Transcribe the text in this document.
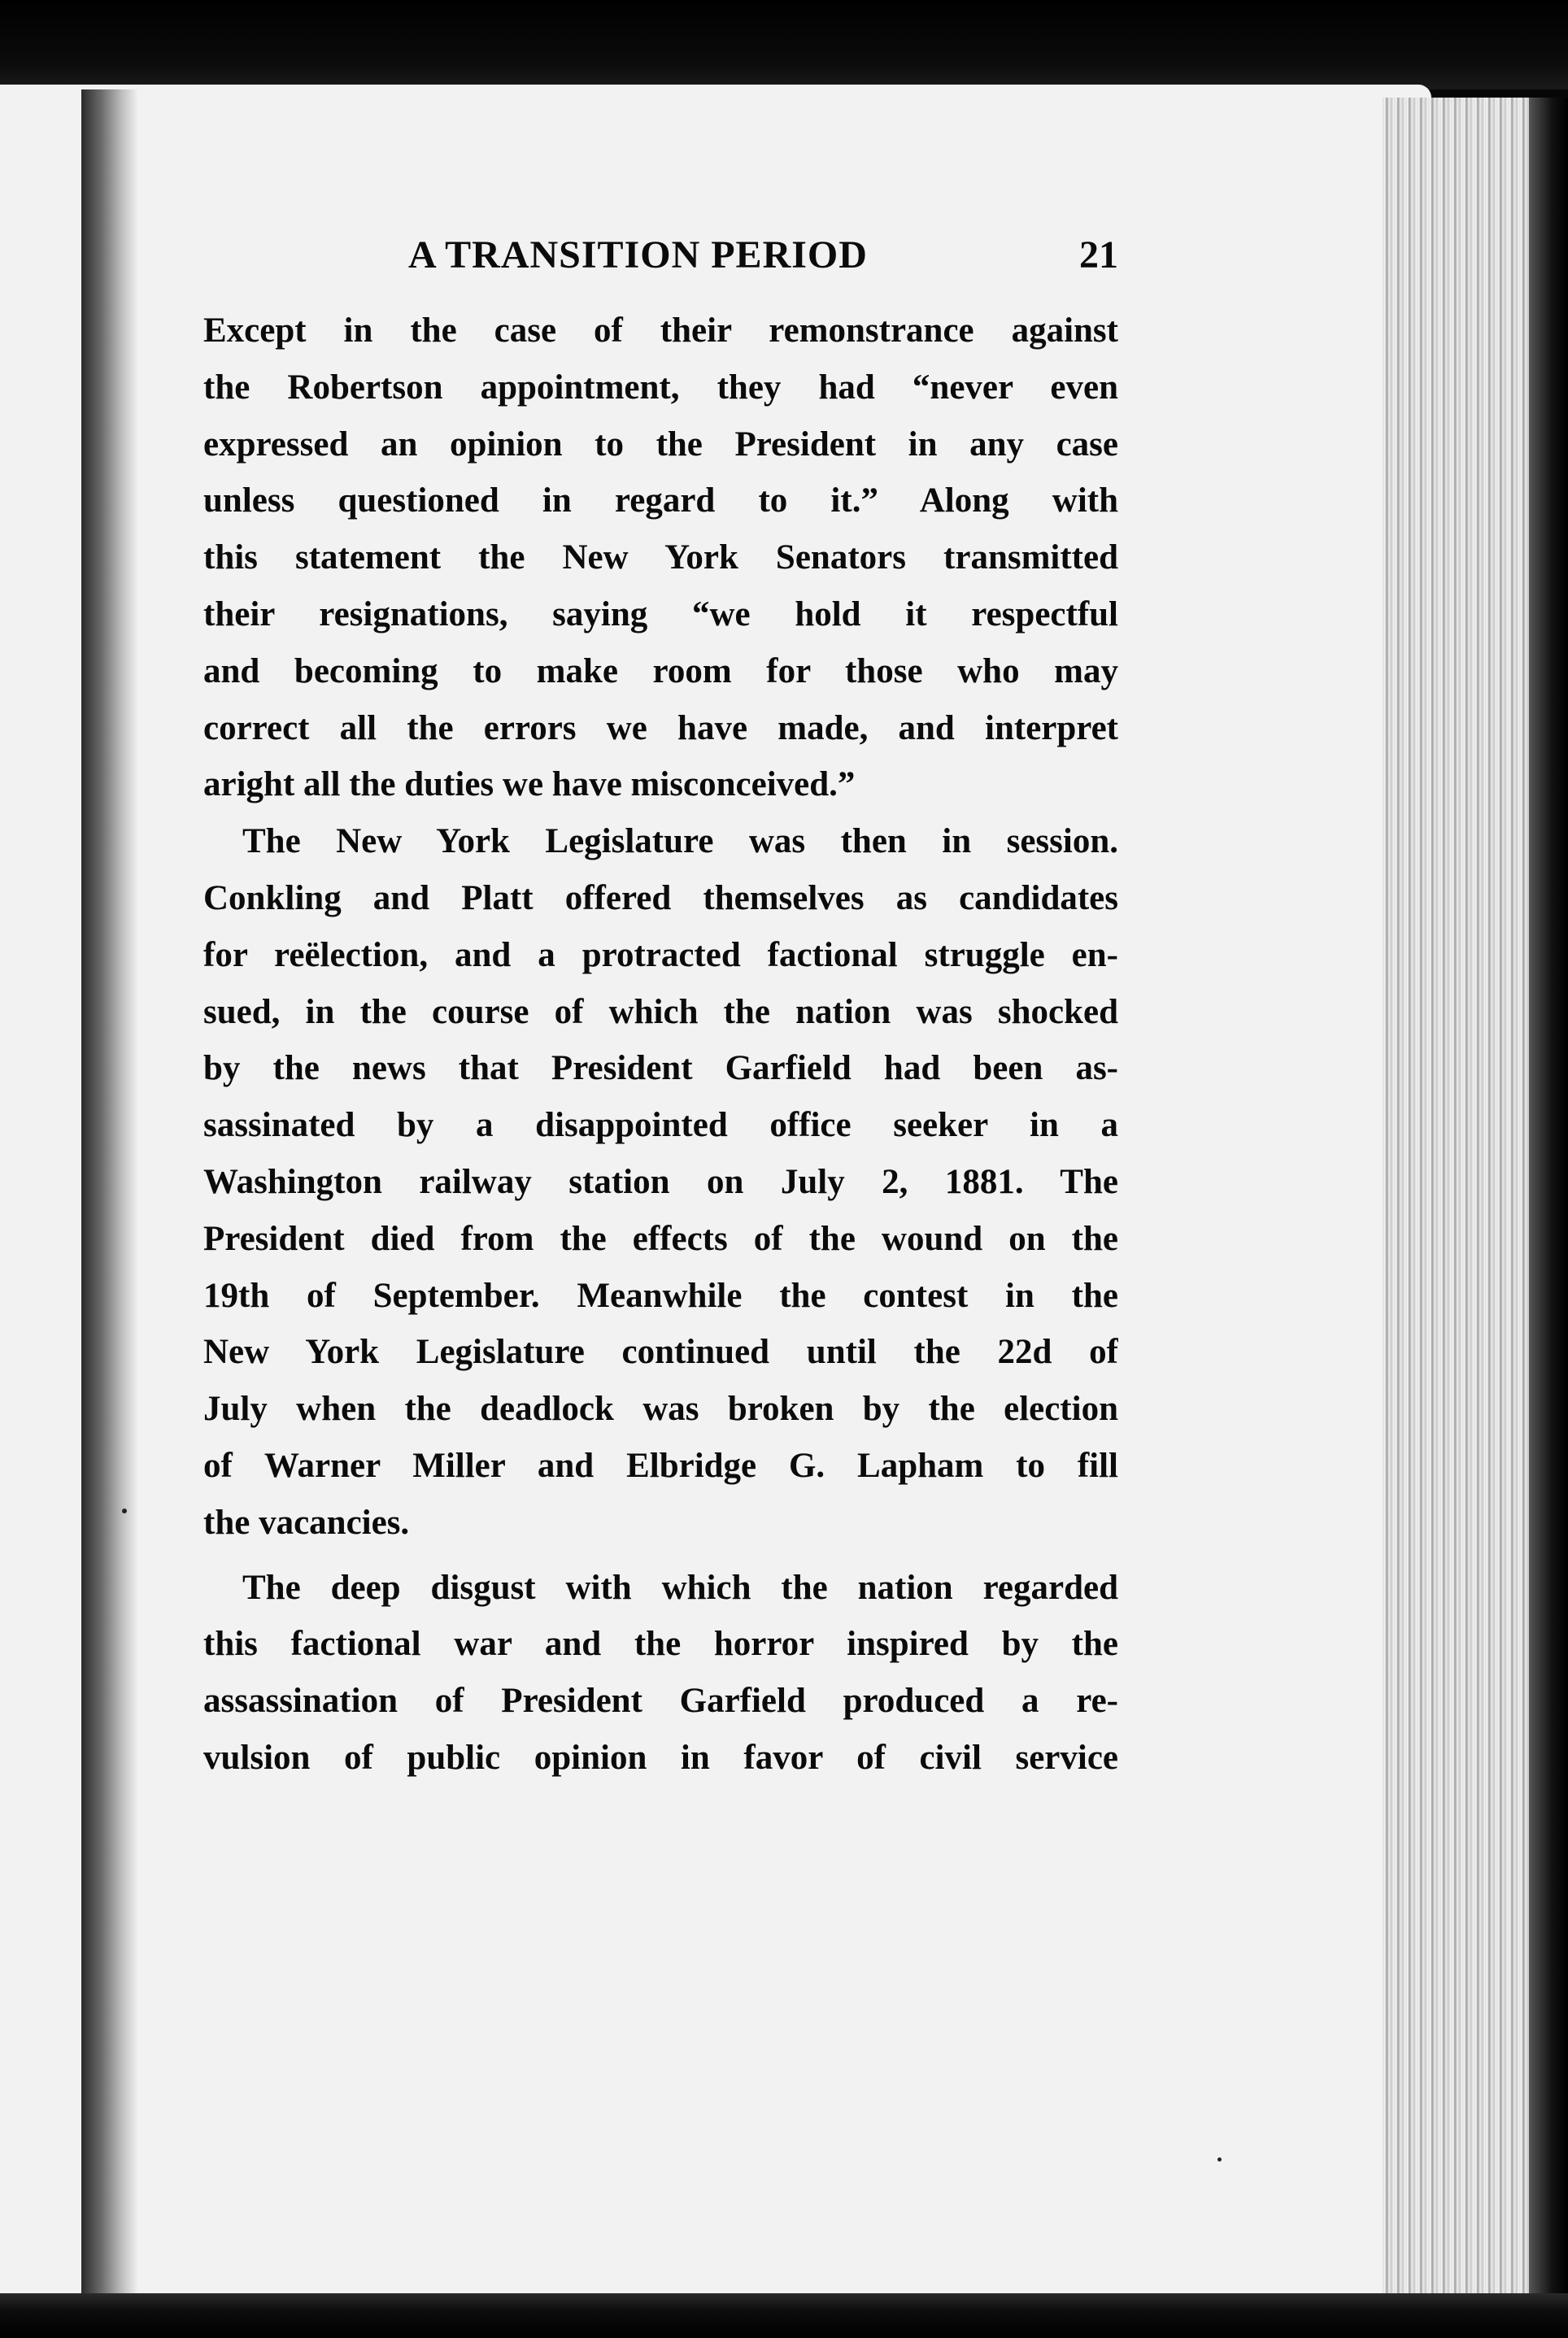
A TRANSITION PERIOD	21
Except in the case of their remonstrance against
the Robertson appointment, they had “never even
expressed an opinion to the President in any case
unless questioned in regard to it.” Along with
this statement the New York Senators transmitted
their resignations, saying “we hold it respectful
and becoming to make room for those who may
correct all the errors we have made, and interpret
aright all the duties we have misconceived.”
The New York Legislature was then in session.
Conkling and Platt offered themselves as candidates
for reëlection, and a protracted factional struggle en-
sued, in the course of which the nation was shocked
by the news that President Garfield had been as-
sassinated by a disappointed office seeker in a
Washington railway station on July 2, 1881. The
President died from the effects of the wound on the
19th of September. Meanwhile the contest in the
New York Legislature continued until the 22d of
July when the deadlock was broken by the election
of Warner Miller and Elbridge G. Lapham to fill
the vacancies.
The deep disgust with which the nation regarded
this factional war and the horror inspired by the
assassination of President Garfield produced a re-
vulsion of public opinion in favor of civil service
